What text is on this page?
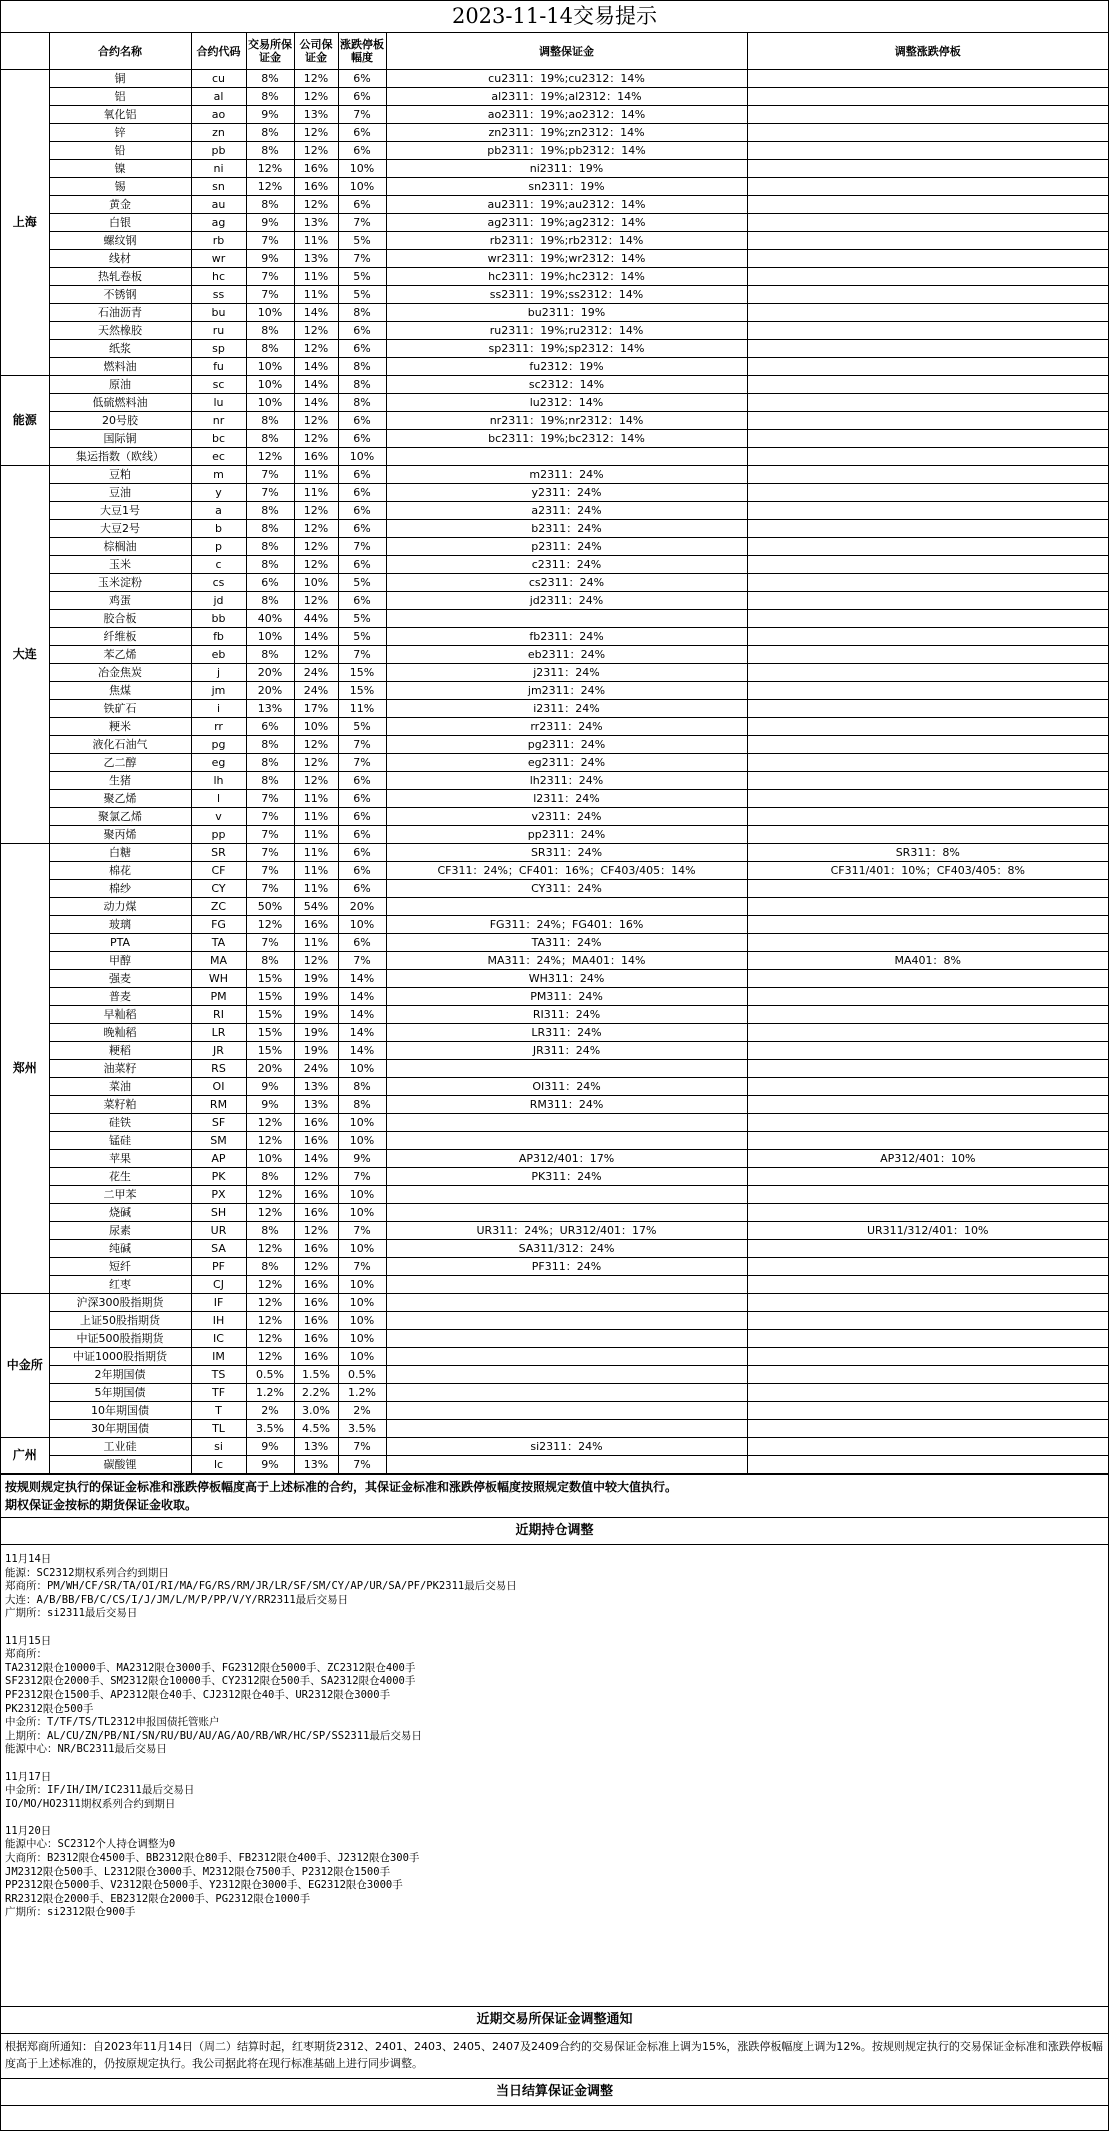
2023-11-14交易提示
	合约名称	合约代码	交易所保证金	公司保证金	涨跌停板幅度	调整保证金	调整涨跌停板
上海	铜	cu	8%	12%	6%	cu2311：19%;cu2312：14%	
	铝	al	8%	12%	6%	al2311：19%;al2312：14%	
	氧化铝	ao	9%	13%	7%	ao2311：19%;ao2312：14%	
	锌	zn	8%	12%	6%	zn2311：19%;zn2312：14%	
	铅	pb	8%	12%	6%	pb2311：19%;pb2312：14%	
	镍	ni	12%	16%	10%	ni2311：19%	
	锡	sn	12%	16%	10%	sn2311：19%	
	黄金	au	8%	12%	6%	au2311：19%;au2312：14%	
	白银	ag	9%	13%	7%	ag2311：19%;ag2312：14%	
	螺纹钢	rb	7%	11%	5%	rb2311：19%;rb2312：14%	
	线材	wr	9%	13%	7%	wr2311：19%;wr2312：14%	
	热轧卷板	hc	7%	11%	5%	hc2311：19%;hc2312：14%	
	不锈钢	ss	7%	11%	5%	ss2311：19%;ss2312：14%	
	石油沥青	bu	10%	14%	8%	bu2311：19%	
	天然橡胶	ru	8%	12%	6%	ru2311：19%;ru2312：14%	
	纸浆	sp	8%	12%	6%	sp2311：19%;sp2312：14%	
	燃料油	fu	10%	14%	8%	fu2312：19%	
能源	原油	sc	10%	14%	8%	sc2312：14%	
	低硫燃料油	lu	10%	14%	8%	lu2312：14%	
	20号胶	nr	8%	12%	6%	nr2311：19%;nr2312：14%	
	国际铜	bc	8%	12%	6%	bc2311：19%;bc2312：14%	
	集运指数（欧线）	ec	12%	16%	10%		
大连	豆粕	m	7%	11%	6%	m2311：24%	
	豆油	y	7%	11%	6%	y2311：24%	
	大豆1号	a	8%	12%	6%	a2311：24%	
	大豆2号	b	8%	12%	6%	b2311：24%	
	棕榈油	p	8%	12%	7%	p2311：24%	
	玉米	c	8%	12%	6%	c2311：24%	
	玉米淀粉	cs	6%	10%	5%	cs2311：24%	
	鸡蛋	jd	8%	12%	6%	jd2311：24%	
	胶合板	bb	40%	44%	5%		
	纤维板	fb	10%	14%	5%	fb2311：24%	
	苯乙烯	eb	8%	12%	7%	eb2311：24%	
	冶金焦炭	j	20%	24%	15%	j2311：24%	
	焦煤	jm	20%	24%	15%	jm2311：24%	
	铁矿石	i	13%	17%	11%	i2311：24%	
	粳米	rr	6%	10%	5%	rr2311：24%	
	液化石油气	pg	8%	12%	7%	pg2311：24%	
	乙二醇	eg	8%	12%	7%	eg2311：24%	
	生猪	lh	8%	12%	6%	lh2311：24%	
	聚乙烯	l	7%	11%	6%	l2311：24%	
	聚氯乙烯	v	7%	11%	6%	v2311：24%	
	聚丙烯	pp	7%	11%	6%	pp2311：24%	
郑州	白糖	SR	7%	11%	6%	SR311：24%	SR311：8%
	棉花	CF	7%	11%	6%	CF311：24%；CF401：16%；CF403/405：14%	CF311/401：10%；CF403/405：8%
	棉纱	CY	7%	11%	6%	CY311：24%	
	动力煤	ZC	50%	54%	20%		
	玻璃	FG	12%	16%	10%	FG311：24%；FG401：16%	
	PTA	TA	7%	11%	6%	TA311：24%	
	甲醇	MA	8%	12%	7%	MA311：24%；MA401：14%	MA401：8%
	强麦	WH	15%	19%	14%	WH311：24%	
	普麦	PM	15%	19%	14%	PM311：24%	
	早籼稻	RI	15%	19%	14%	RI311：24%	
	晚籼稻	LR	15%	19%	14%	LR311：24%	
	粳稻	JR	15%	19%	14%	JR311：24%	
	油菜籽	RS	20%	24%	10%		
	菜油	OI	9%	13%	8%	OI311：24%	
	菜籽粕	RM	9%	13%	8%	RM311：24%	
	硅铁	SF	12%	16%	10%		
	锰硅	SM	12%	16%	10%		
	苹果	AP	10%	14%	9%	AP312/401：17%	AP312/401：10%
	花生	PK	8%	12%	7%	PK311：24%	
	二甲苯	PX	12%	16%	10%		
	烧碱	SH	12%	16%	10%		
	尿素	UR	8%	12%	7%	UR311：24%；UR312/401：17%	UR311/312/401：10%
	纯碱	SA	12%	16%	10%	SA311/312：24%	
	短纤	PF	8%	12%	7%	PF311：24%	
	红枣	CJ	12%	16%	10%		
中金所	沪深300股指期货	IF	12%	16%	10%		
	上证50股指期货	IH	12%	16%	10%		
	中证500股指期货	IC	12%	16%	10%		
	中证1000股指期货	IM	12%	16%	10%		
	2年期国债	TS	0.5%	1.5%	0.5%		
	5年期国债	TF	1.2%	2.2%	1.2%		
	10年期国债	T	2%	3.0%	2%		
	30年期国债	TL	3.5%	4.5%	3.5%		
广州	工业硅	si	9%	13%	7%	si2311：24%	
	碳酸锂	lc	9%	13%	7%		
按规则规定执行的保证金标准和涨跌停板幅度高于上述标准的合约，其保证金标准和涨跌停板幅度按照规定数值中较大值执行。
期权保证金按标的期货保证金收取。
近期持仓调整
11月14日
能源：SC2312期权系列合约到期日
郑商所：PM/WH/CF/SR/TA/OI/RI/MA/FG/RS/RM/JR/LR/SF/SM/CY/AP/UR/SA/PF/PK2311最后交易日
大连：A/B/BB/FB/C/CS/I/J/JM/L/M/P/PP/V/Y/RR2311最后交易日
广期所：si2311最后交易日

11月15日
郑商所：
TA2312限仓10000手、MA2312限仓3000手、FG2312限仓5000手、ZC2312限仓400手
SF2312限仓2000手、SM2312限仓10000手、CY2312限仓500手、SA2312限仓4000手
PF2312限仓1500手、AP2312限仓40手、CJ2312限仓40手、UR2312限仓3000手
PK2312限仓500手
中金所：T/TF/TS/TL2312申报国债托管账户
上期所：AL/CU/ZN/PB/NI/SN/RU/BU/AU/AG/AO/RB/WR/HC/SP/SS2311最后交易日
能源中心：NR/BC2311最后交易日

11月17日
中金所：IF/IH/IM/IC2311最后交易日
IO/MO/HO2311期权系列合约到期日

11月20日
能源中心：SC2312个人持仓调整为0
大商所：B2312限仓4500手、BB2312限仓80手、FB2312限仓400手、J2312限仓300手
JM2312限仓500手、L2312限仓3000手、M2312限仓7500手、P2312限仓1500手
PP2312限仓5000手、V2312限仓5000手、Y2312限仓3000手、EG2312限仓3000手
RR2312限仓2000手、EB2312限仓2000手、PG2312限仓1000手
广期所：si2312限仓900手
近期交易所保证金调整通知
根据郑商所通知：自2023年11月14日（周二）结算时起，红枣期货2312、2401、2403、2405、2407及2409合约的交易保证金标准上调为15%，涨跌停板幅度上调为12%。按规则规定执行的交易保证金标准和涨跌停板幅度高于上述标准的，仍按原规定执行。我公司据此将在现行标准基础上进行同步调整。
当日结算保证金调整
